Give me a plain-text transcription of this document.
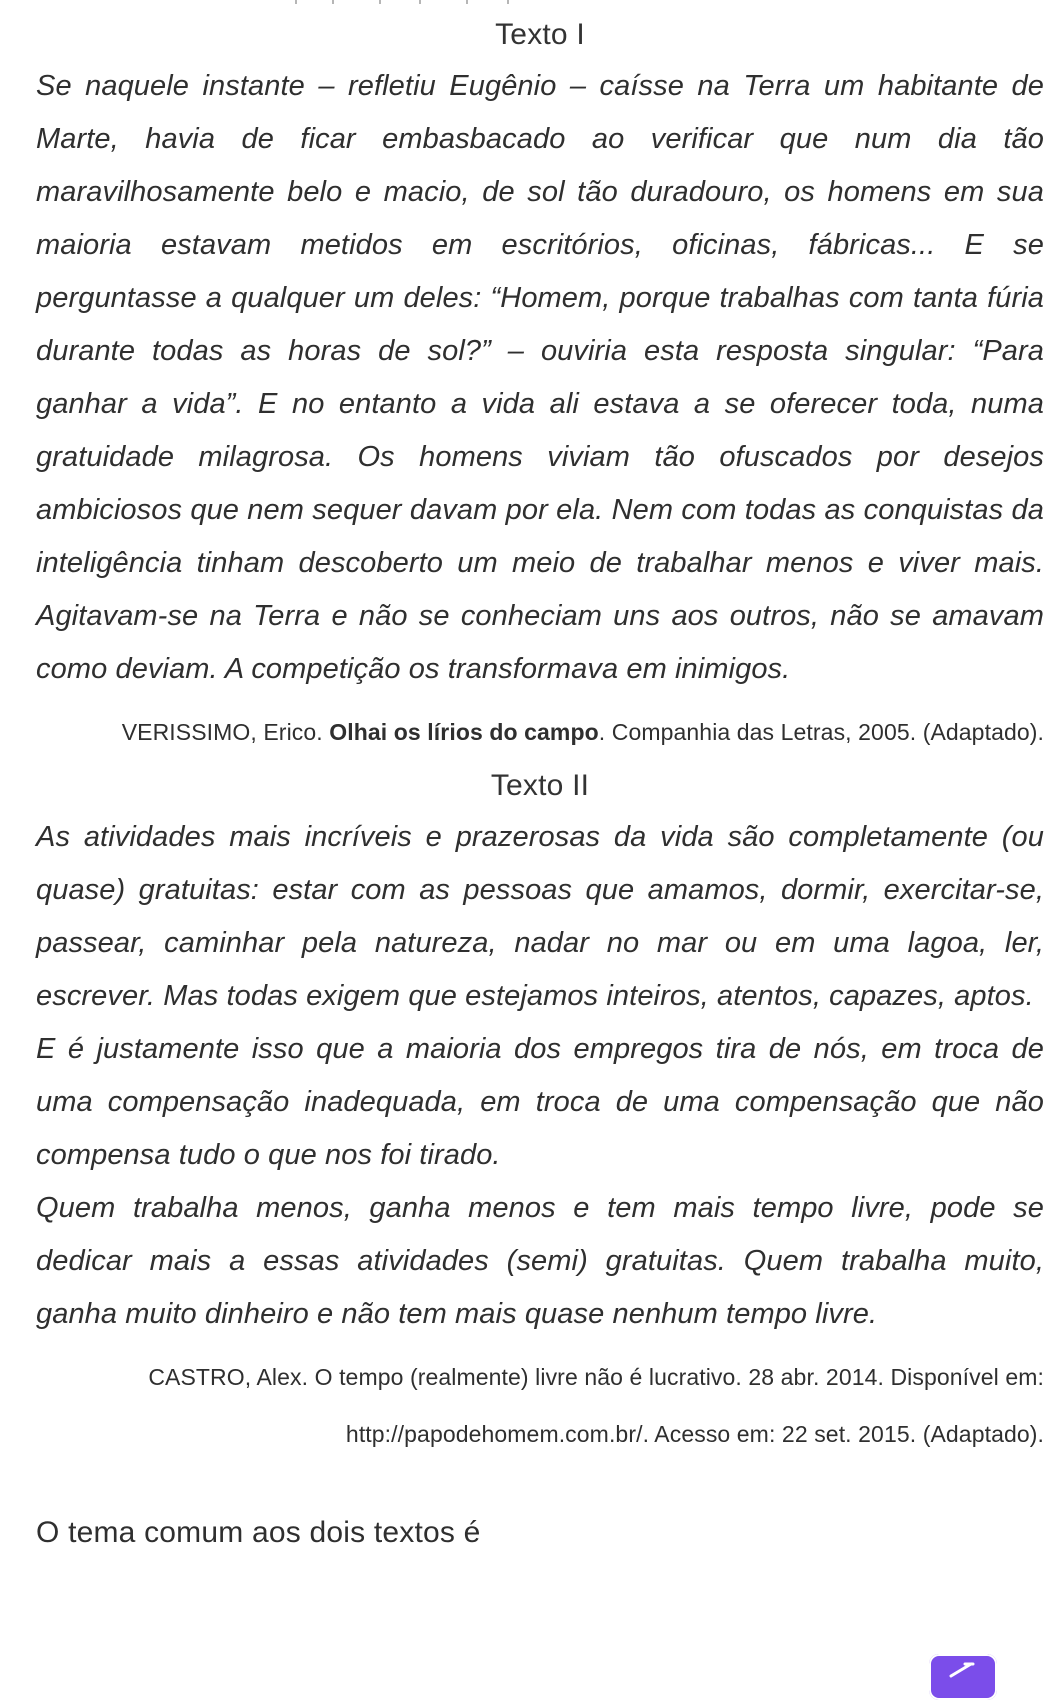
Texto I

Se naquele instante – refletiu Eugênio – caísse na Terra um habitante de Marte, havia de ficar embasbacado ao verificar que num dia tão maravilhosamente belo e macio, de sol tão duradouro, os homens em sua maioria estavam metidos em escritórios, oficinas, fábricas... E se perguntasse a qualquer um deles: “Homem, porque trabalhas com tanta fúria durante todas as horas de sol?” – ouviria esta resposta singular: “Para ganhar a vida”. E no entanto a vida ali estava a se oferecer toda, numa gratuidade milagrosa. Os homens viviam tão ofuscados por desejos ambiciosos que nem sequer davam por ela. Nem com todas as conquistas da inteligência tinham descoberto um meio de trabalhar menos e viver mais. Agitavam-se na Terra e não se conheciam uns aos outros, não se amavam como deviam. A competição os transformava em inimigos.

VERISSIMO, Erico. Olhai os lírios do campo. Companhia das Letras, 2005. (Adaptado).
Texto II

As atividades mais incríveis e prazerosas da vida são completamente (ou quase) gratuitas: estar com as pessoas que amamos, dormir, exercitar-se, passear, caminhar pela natureza, nadar no mar ou em uma lagoa, ler, escrever. Mas todas exigem que estejamos inteiros, atentos, capazes, aptos.

E é justamente isso que a maioria dos empregos tira de nós, em troca de uma compensação inadequada, em troca de uma compensação que não compensa tudo o que nos foi tirado.

Quem trabalha menos, ganha menos e tem mais tempo livre, pode se dedicar mais a essas atividades (semi) gratuitas. Quem trabalha muito, ganha muito dinheiro e não tem mais quase nenhum tempo livre.

CASTRO, Alex. O tempo (realmente) livre não é lucrativo. 28 abr. 2014. Disponível em:
http://papodehomem.com.br/. Acesso em: 22 set. 2015. (Adaptado).
O tema comum aos dois textos é
